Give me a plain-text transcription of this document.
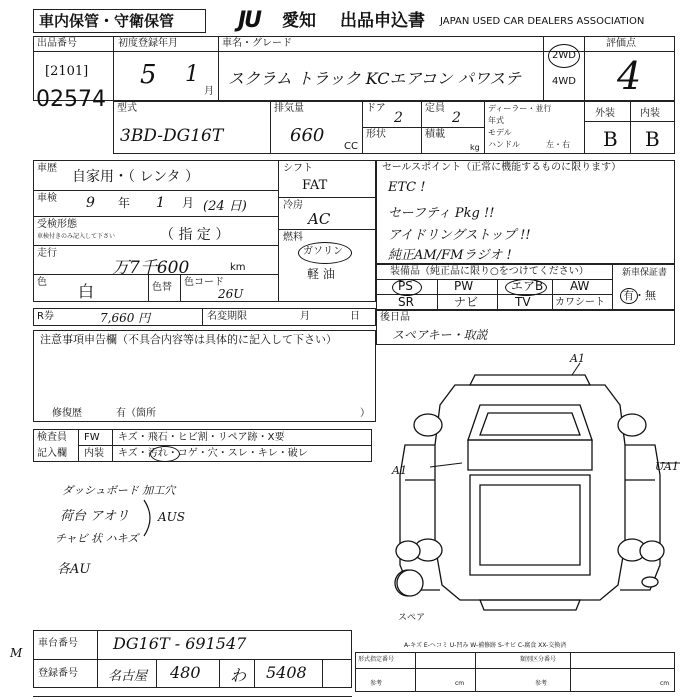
車内保管・守衛保管	JU 愛知 出品申込書 JAPAN USED CAR DEALERS ASSOCIATION
出品番号
[2101]
02574
初度登録年月
5 1
月
車名・グレード
スクラム トラック KCエアコン パワステ
2WD
4WD
評価点
4
型式
3BD-DG16T
排気量
660
CC
ドア
2
定員
2
形状	積載
kg
ディーラー・並行
年式
モデル
ハンドル	左・右
外装	内装
B B
車歴
自家用・（ レンタ ）
車検 9 年 1 月 (24 日)
受検形態
車検付きのみ記入して下さい	（ 指 定 ）
走行
万7千600	km
色 白	色替 色コード
26U
シフト
FAT
冷房
AC
燃料
ガソリン
軽 油
セールスポイント（正常に機能するものに限ります）
ETC !
セーフティ Pkg !!
アイドリングストップ !!
純正AM/FMラジオ !
装備品（純正品に限り○をつけてください）
PS	PW	エアB AW
SR	ナビ	TV カワシート
新車保証書
有・無
R券	7,660 円	名変期限	月	日 後日品
スペアキー・取説
注意事項申告欄（不具合内容等は具体的に記入して下さい）
修復歴	有（箇所	）
検査員
記入欄
FW キズ・飛石・ヒビ割・リペア跡・X要
内装 キズ・汚れ・コゲ・穴・スレ・キレ・破レ
ダッシュボード 加工穴
荷台 アオリ
チャビ 状 ハキズ
各AU
AUS
A1
A1	UA1
スペア
A-キズ E-ヘコミ U-凹み W-補修跡 S-サビ C-腐食 XX-交換済
車台番号 DG16T - 691547
登録番号 名古屋 480 わ 5408
M	形式指定番号	類別区分番号
参考	cm	参考	cm
